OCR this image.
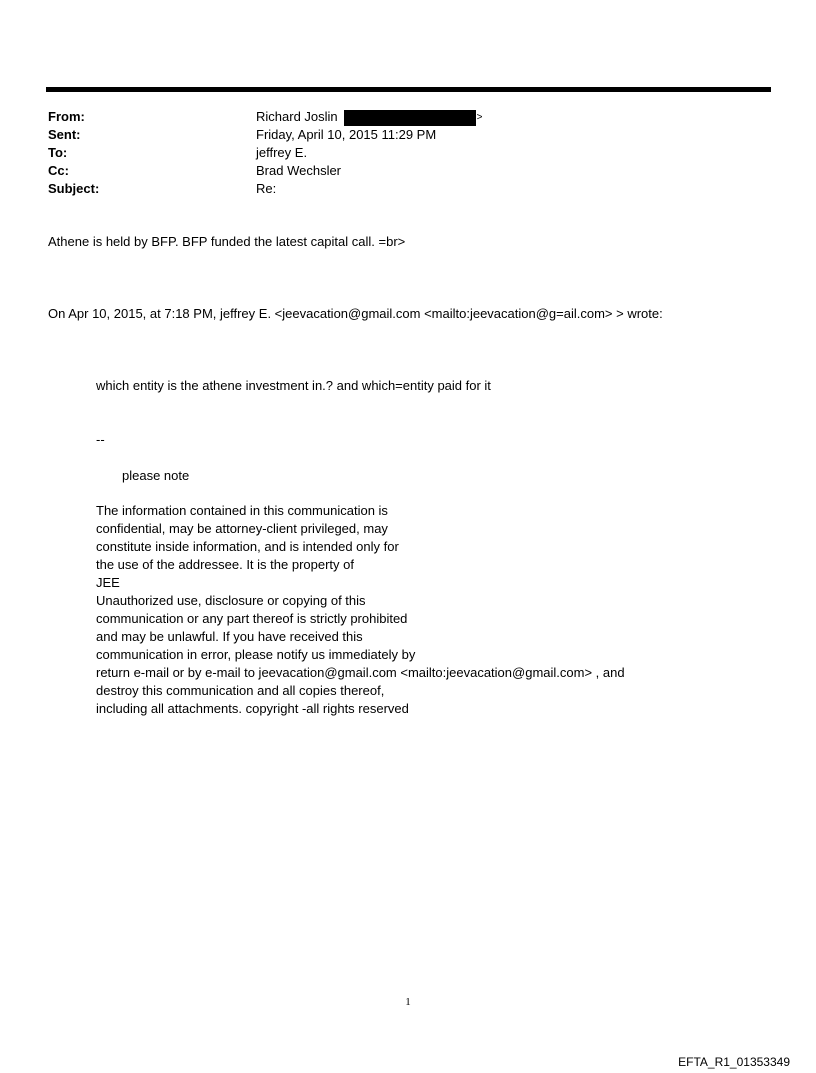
From:	Richard Joslin	>
Sent:	Friday, April 10, 2015 11:29 PM
To:	jeffrey E.
Cc:	Brad Wechsler
Subject:	Re:
Athene is held by BFP. BFP funded the latest capital call. =br>
On Apr 10, 2015, at 7:18 PM, jeffrey E. <jeevacation@gmail.com <mailto:jeevacation@g=ail.com> > wrote:
which entity is the athene investment in.? and which=entity paid for it
--
please note
The information contained in this communication is
confidential, may be attorney-client privileged, may
constitute inside information, and is intended only for
the use of the addressee. It is the property of
JEE
Unauthorized use, disclosure or copying of this
communication or any part thereof is strictly prohibited
and may be unlawful. If you have received this
communication in error, please notify us immediately by
return e-mail or by e-mail to jeevacation@gmail.com <mailto:jeevacation@gmail.com> , and
destroy this communication and all copies thereof,
including all attachments. copyright -all rights reserved
1
EFTA_R1_01353349
